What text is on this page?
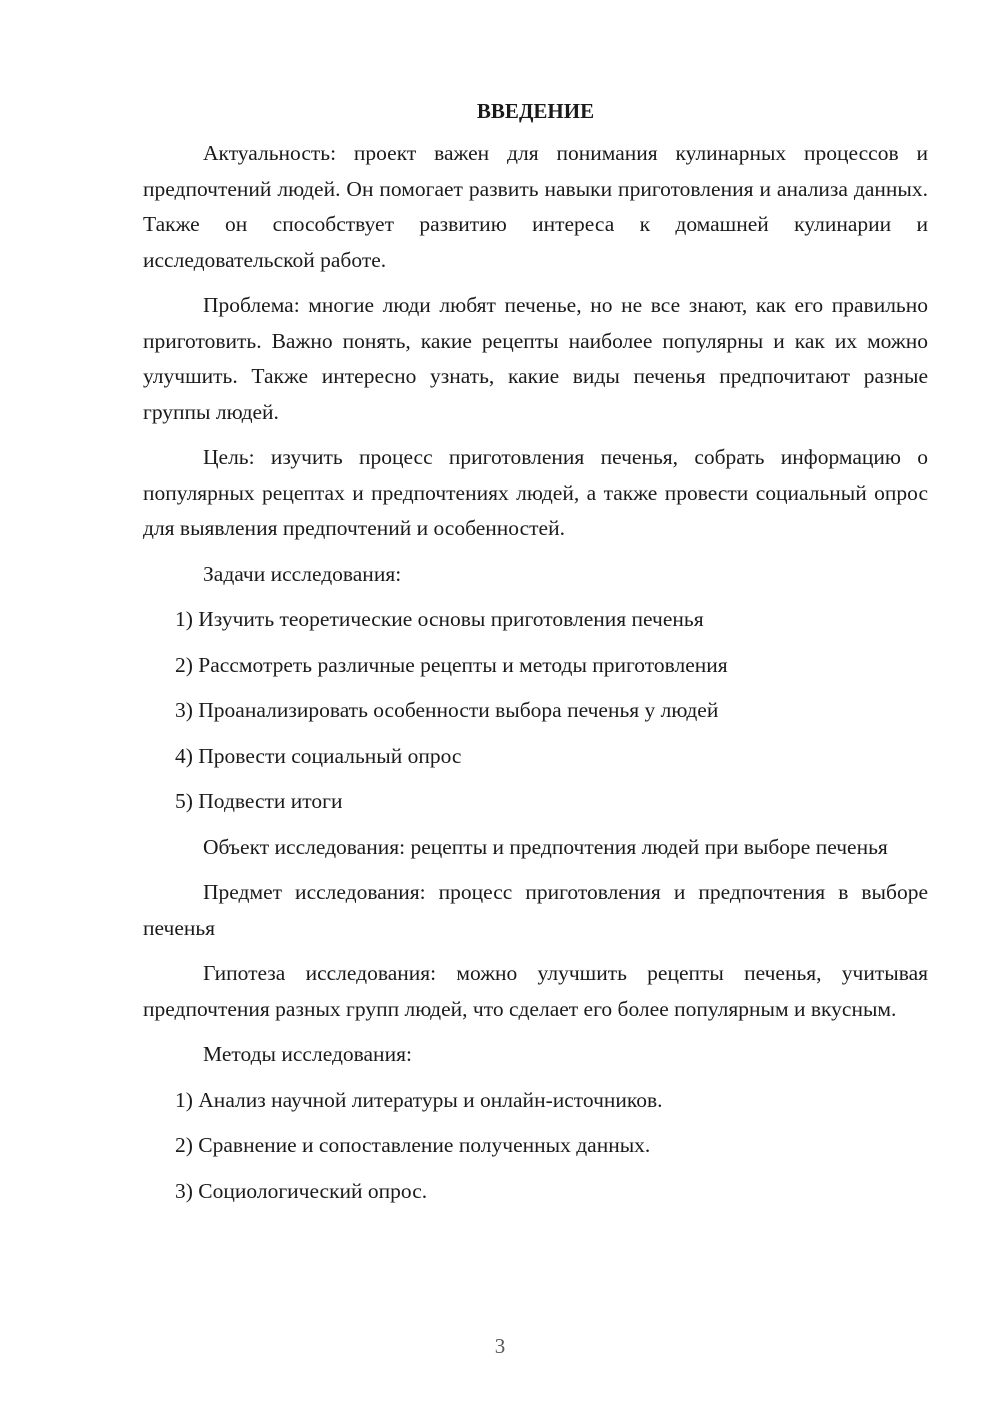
ВВЕДЕНИЕ

Актуальность: проект важен для понимания кулинарных процессов и предпочтений людей. Он помогает развить навыки приготовления и анализа данных. Также он способствует развитию интереса к домашней кулинарии и исследовательской работе.

Проблема: многие люди любят печенье, но не все знают, как его правильно приготовить. Важно понять, какие рецепты наиболее популярны и как их можно улучшить. Также интересно узнать, какие виды печенья предпочитают разные группы людей.

Цель: изучить процесс приготовления печенья, собрать информацию о популярных рецептах и предпочтениях людей, а также провести социальный опрос для выявления предпочтений и особенностей.

Задачи исследования:

1) Изучить теоретические основы приготовления печенья
2) Рассмотреть различные рецепты и методы приготовления
3) Проанализировать особенности выбора печенья у людей
4) Провести социальный опрос
5) Подвести итоги

Объект исследования: рецепты и предпочтения людей при выборе печенья

Предмет исследования: процесс приготовления и предпочтения в выборе печенья

Гипотеза исследования: можно улучшить рецепты печенья, учитывая предпочтения разных групп людей, что сделает его более популярным и вкусным.

Методы исследования:

1) Анализ научной литературы и онлайн-источников.
2) Сравнение и сопоставление полученных данных.
3) Социологический опрос.
3
